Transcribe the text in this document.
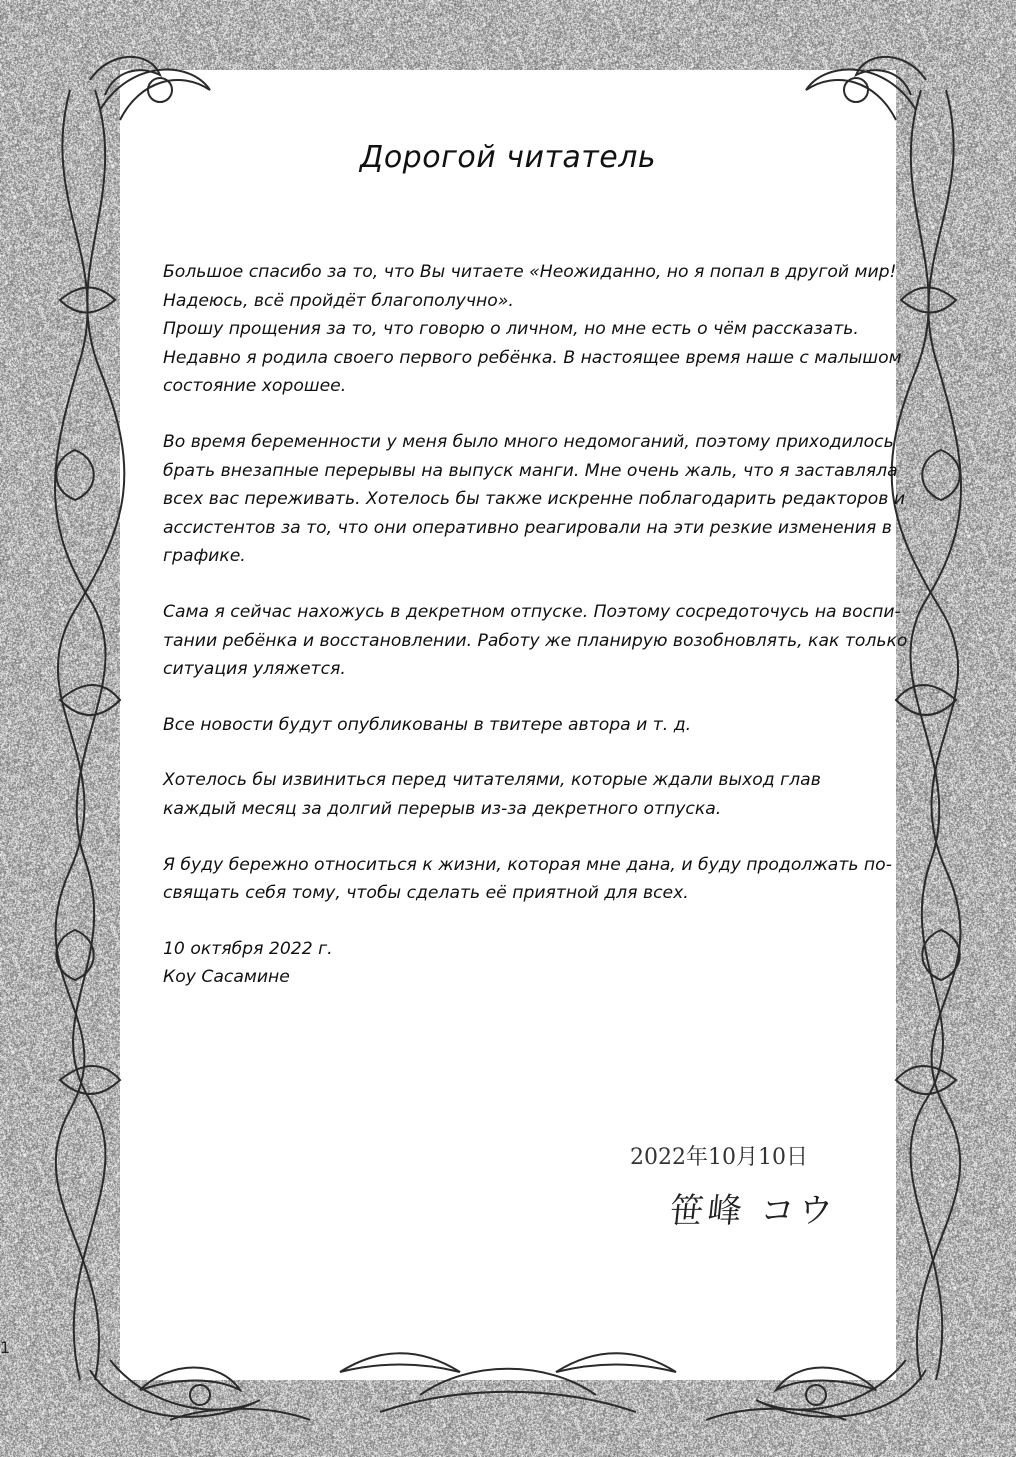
Дорогой читатель

Большое спасибо за то, что Вы читаете «Неожиданно, но я попал в другой мир!
Надеюсь, всё пройдёт благополучно».
Прошу прощения за то, что говорю о личном, но мне есть о чём рассказать.
Недавно я родила своего первого ребёнка. В настоящее время наше с малышом
состояние хорошее.

Во время беременности у меня было много недомоганий, поэтому приходилось
брать внезапные перерывы на выпуск манги. Мне очень жаль, что я заставляла
всех вас переживать. Хотелось бы также искренне поблагодарить редакторов и
ассистентов за то, что они оперативно реагировали на эти резкие изменения в
графике.

Сама я сейчас нахожусь в декретном отпуске. Поэтому сосредоточусь на воспи-
тании ребёнка и восстановлении. Работу же планирую возобновлять, как только
ситуация уляжется.

Все новости будут опубликованы в твитере автора и т. д.

Хотелось бы извиниться перед читателями, которые ждали выход глав
каждый месяц за долгий перерыв из-за декретного отпуска.

Я буду бережно относиться к жизни, которая мне дана, и буду продолжать по-
свящать себя тому, чтобы сделать её приятной для всех.

10 октября 2022 г.
Коу Сасамине

2022年10月10日
笹峰 コウ
1
